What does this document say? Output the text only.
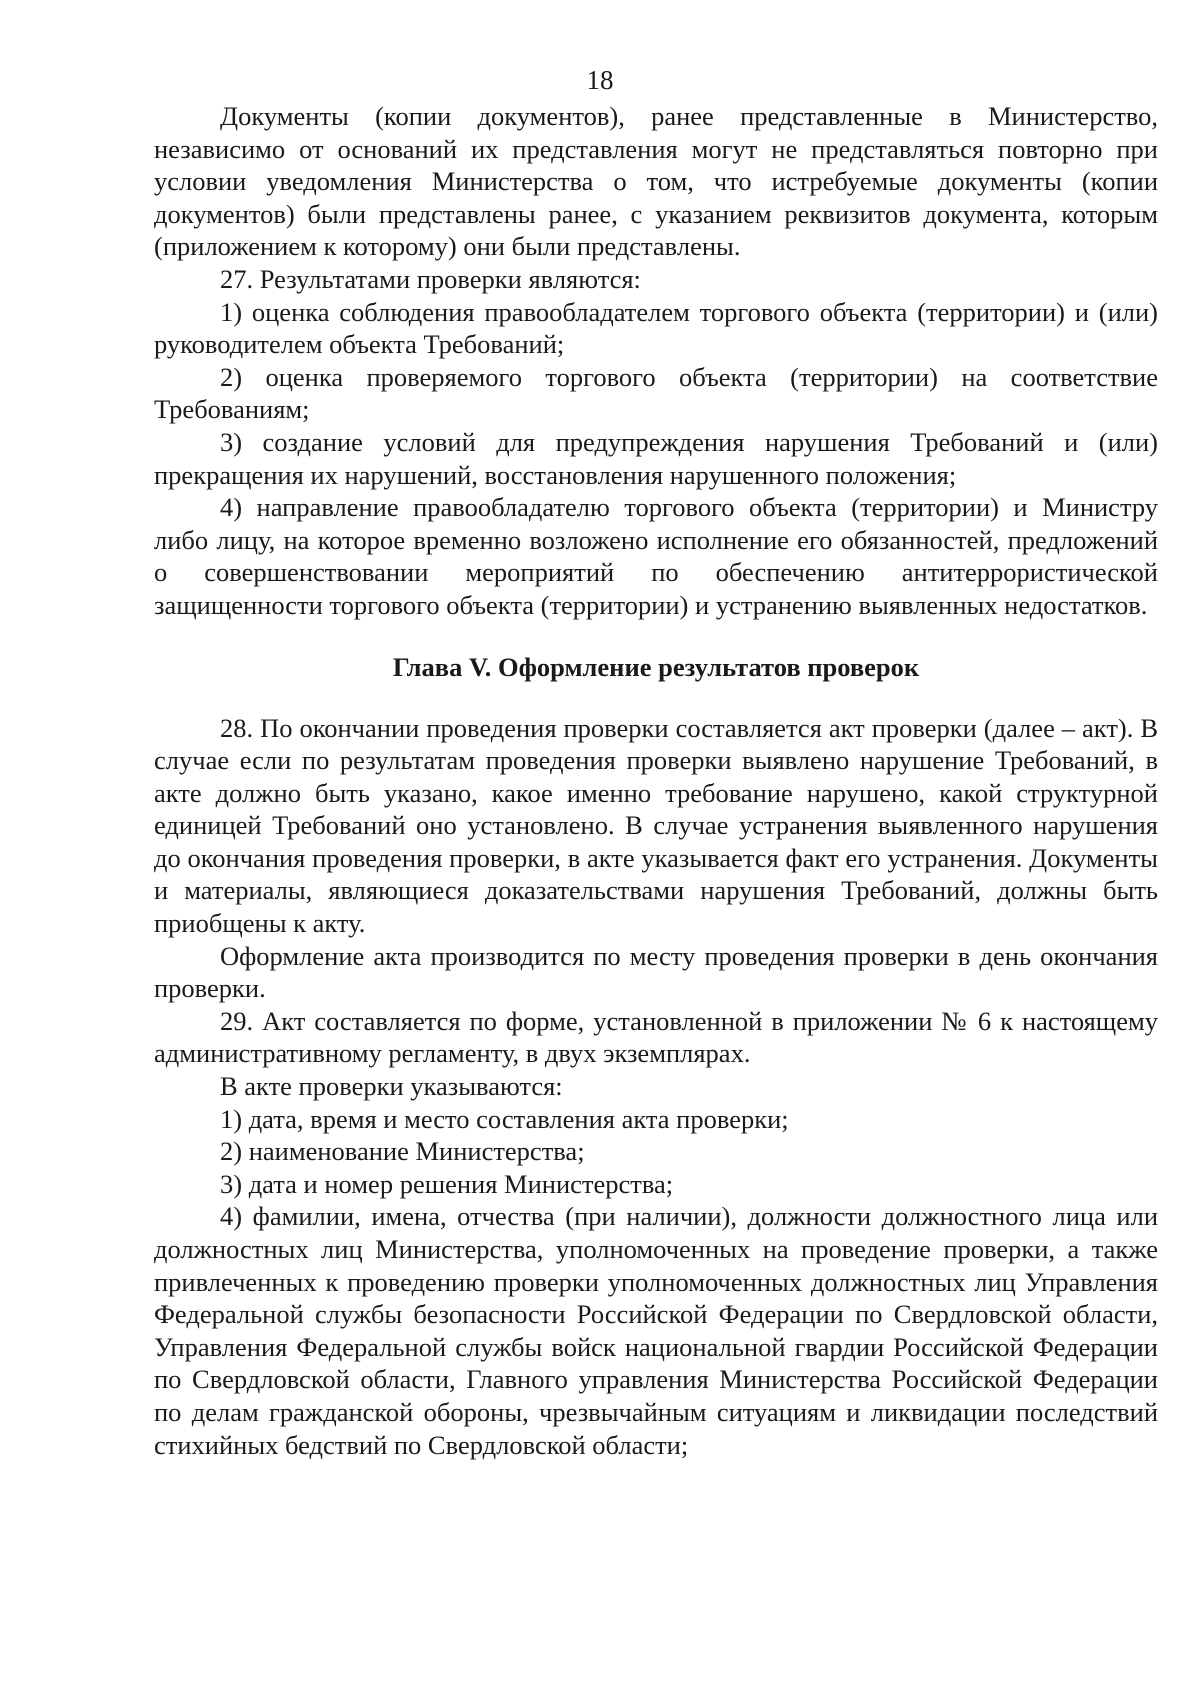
18

Документы (копии документов), ранее представленные в Министерство, независимо от оснований их представления могут не представляться повторно при условии уведомления Министерства о том, что истребуемые документы (копии документов) были представлены ранее, с указанием реквизитов документа, которым (приложением к которому) они были представлены.

27. Результатами проверки являются:

1) оценка соблюдения правообладателем торгового объекта (территории) и (или) руководителем объекта Требований;

2) оценка проверяемого торгового объекта (территории) на соответствие Требованиям;

3) создание условий для предупреждения нарушения Требований и (или) прекращения их нарушений, восстановления нарушенного положения;

4) направление правообладателю торгового объекта (территории) и Министру либо лицу, на которое временно возложено исполнение его обязанностей, предложений о совершенствовании мероприятий по обеспечению антитеррористической защищенности торгового объекта (территории) и устранению выявленных недостатков.

Глава V. Оформление результатов проверок

28. По окончании проведения проверки составляется акт проверки (далее – акт). В случае если по результатам проведения проверки выявлено нарушение Требований, в акте должно быть указано, какое именно требование нарушено, какой структурной единицей Требований оно установлено. В случае устранения выявленного нарушения до окончания проведения проверки, в акте указывается факт его устранения. Документы и материалы, являющиеся доказательствами нарушения Требований, должны быть приобщены к акту.

Оформление акта производится по месту проведения проверки в день окончания проверки.

29. Акт составляется по форме, установленной в приложении № 6 к настоящему административному регламенту, в двух экземплярах.

В акте проверки указываются:

1) дата, время и место составления акта проверки;

2) наименование Министерства;

3) дата и номер решения Министерства;

4) фамилии, имена, отчества (при наличии), должности должностного лица или должностных лиц Министерства, уполномоченных на проведение проверки, а также привлеченных к проведению проверки уполномоченных должностных лиц Управления Федеральной службы безопасности Российской Федерации по Свердловской области, Управления Федеральной службы войск национальной гвардии Российской Федерации по Свердловской области, Главного управления Министерства Российской Федерации по делам гражданской обороны, чрезвычайным ситуациям и ликвидации последствий стихийных бедствий по Свердловской области;
